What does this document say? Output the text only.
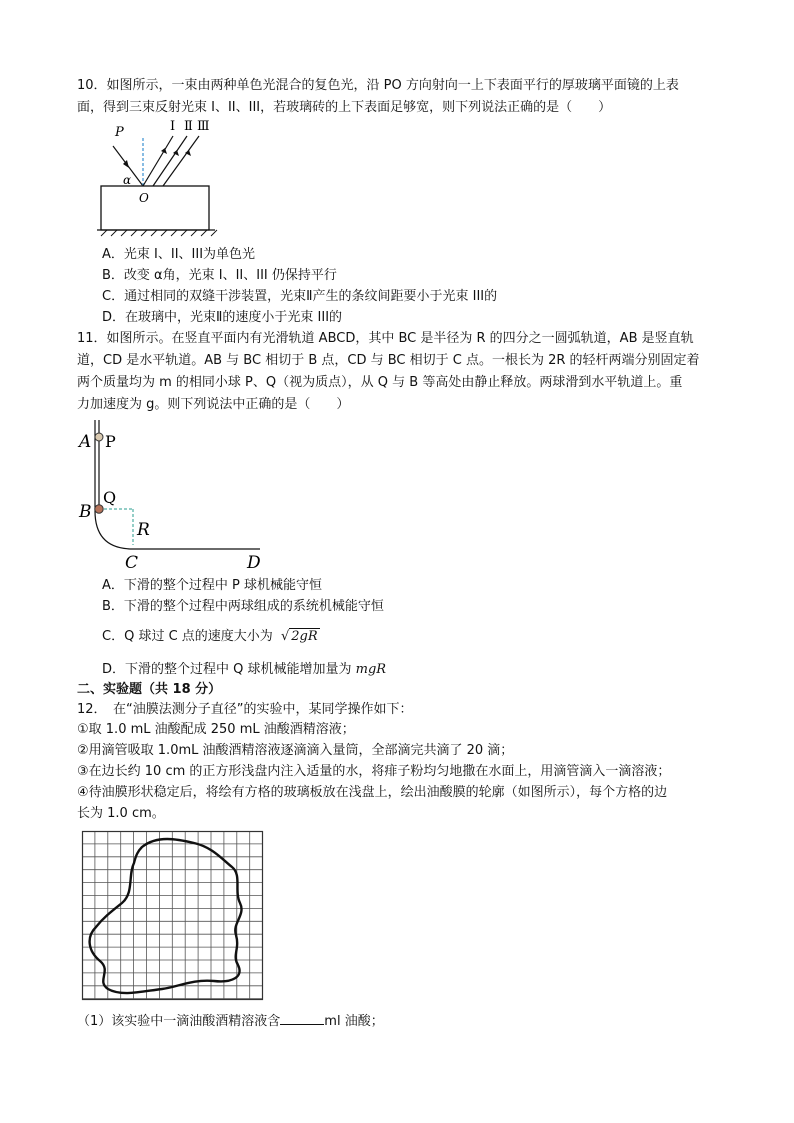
10．如图所示，一束由两种单色光混合的复色光，沿 PO 方向射向一上下表面平行的厚玻璃平面镜的上表
面，得到三束反射光束 I、II、III，若玻璃砖的上下表面足够宽，则下列说法正确的是（　　）
P
O
α
I Ⅱ Ⅲ
A．光束 I、II、III为单色光
B．改变 α角，光束 I、II、III 仍保持平行
C．通过相同的双缝干涉装置，光束Ⅱ产生的条纹间距要小于光束 III的
D．在玻璃中，光束Ⅱ的速度小于光束 III的
11．如图所示。在竖直平面内有光滑轨道 ABCD，其中 BC 是半径为 R 的四分之一圆弧轨道，AB 是竖直轨
道，CD 是水平轨道。AB 与 BC 相切于 B 点，CD 与 BC 相切于 C 点。一根长为 2R 的轻杆两端分别固定着
两个质量均为 m 的相同小球 P、Q（视为质点），从 Q 与 B 等高处由静止释放。两球滑到水平轨道上。重
力加速度为 g。则下列说法中正确的是（　　）
A P
B
Q
R
C	D
A．下滑的整个过程中 P 球机械能守恒
B．下滑的整个过程中两球组成的系统机械能守恒
C．Q 球过 C 点的速度大小为 √ 2gR
D．下滑的整个过程中 Q 球机械能增加量为 mgR
二、实验题（共 18 分）
12．　在“油膜法测分子直径”的实验中，某同学操作如下：
①取 1.0 mL 油酸配成 250 mL 油酸酒精溶液；
②用滴管吸取 1.0mL 油酸酒精溶液逐滴滴入量筒，全部滴完共滴了 20 滴；
③在边长约 10 cm 的正方形浅盘内注入适量的水，将痱子粉均匀地撒在水面上，用滴管滴入一滴溶液；
④待油膜形状稳定后，将绘有方格的玻璃板放在浅盘上，绘出油酸膜的轮廓（如图所示），每个方格的边
长为 1.0 cm。
（1）该实验中一滴油酸酒精溶液含	ml 油酸；
